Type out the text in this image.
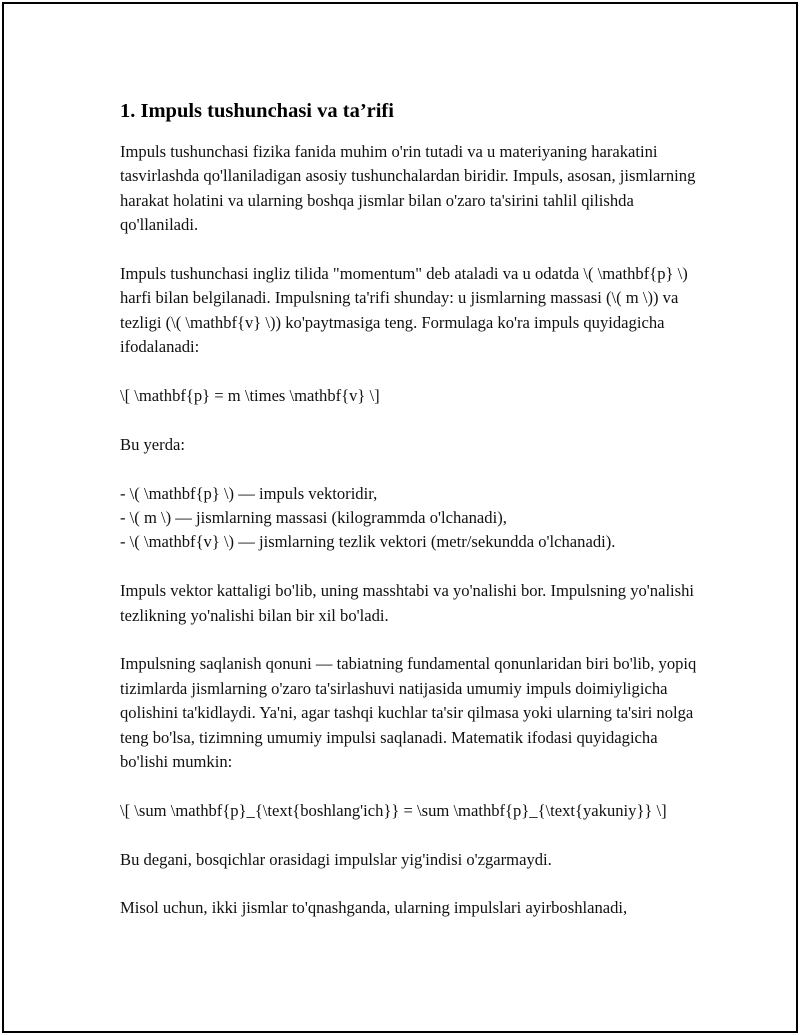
1. Impuls tushunchasi va ta’rifi

Impuls tushunchasi fizika fanida muhim o'rin tutadi va u materiyaning harakatini tasvirlashda qo'llaniladigan asosiy tushunchalardan biridir. Impuls, asosan, jismlarning harakat holatini va ularning boshqa jismlar bilan o'zaro ta'sirini tahlil qilishda qo'llaniladi.

Impuls tushunchasi ingliz tilida "momentum" deb ataladi va u odatda \( \mathbf{p} \) harfi bilan belgilanadi. Impulsning ta'rifi shunday: u jismlarning massasi (\( m \)) va tezligi (\( \mathbf{v} \)) ko'paytmasiga teng. Formulaga ko'ra impuls quyidagicha ifodalanadi:

\[ \mathbf{p} = m \times \mathbf{v} \]

Bu yerda:

- \( \mathbf{p} \) — impuls vektoridir,
- \( m \) — jismlarning massasi (kilogrammda o'lchanadi),
- \( \mathbf{v} \) — jismlarning tezlik vektori (metr/sekundda o'lchanadi).

Impuls vektor kattaligi bo'lib, uning masshtabi va yo'nalishi bor. Impulsning yo'nalishi tezlikning yo'nalishi bilan bir xil bo'ladi.

Impulsning saqlanish qonuni — tabiatning fundamental qonunlaridan biri bo'lib, yopiq tizimlarda jismlarning o'zaro ta'sirlashuvi natijasida umumiy impuls doimiyligicha qolishini ta'kidlaydi. Ya'ni, agar tashqi kuchlar ta'sir qilmasa yoki ularning ta'siri nolga teng bo'lsa, tizimning umumiy impulsi saqlanadi. Matematik ifodasi quyidagicha bo'lishi mumkin:

\[ \sum \mathbf{p}_{\text{boshlang'ich}} = \sum \mathbf{p}_{\text{yakuniy}} \]

Bu degani, bosqichlar orasidagi impulslar yig'indisi o'zgarmaydi.

Misol uchun, ikki jismlar to'qnashganda, ularning impulslari ayirboshlanadi,
